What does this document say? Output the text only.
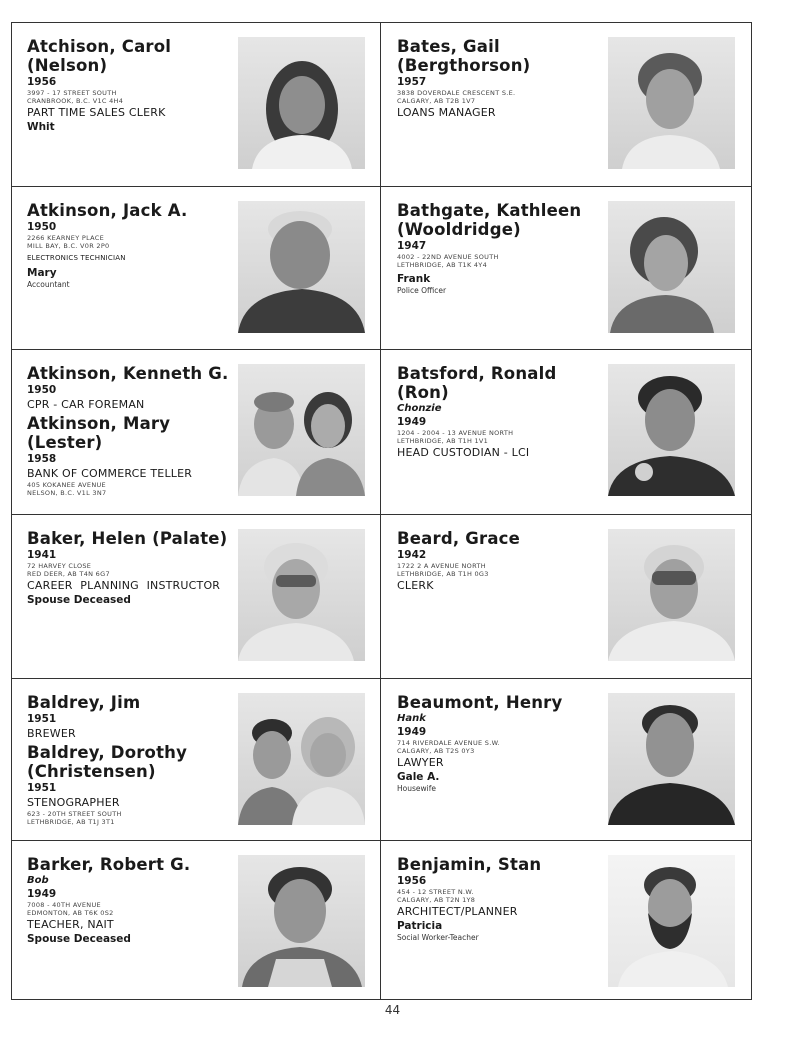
Atchison, Carol
(Nelson)
1956
3997 - 17 STREET SOUTH
CRANBROOK, B.C. V1C 4H4
PART TIME SALES CLERK
Whit
Bates, Gail
(Bergthorson)
1957
3838 DOVERDALE CRESCENT S.E.
CALGARY, AB T2B 1V7
LOANS MANAGER
Atkinson, Jack A.
1950
2266 KEARNEY PLACE
MILL BAY, B.C. V0R 2P0
ELECTRONICS TECHNICIAN
Mary
Accountant
Bathgate, Kathleen
(Wooldridge)
1947
4002 - 22ND AVENUE SOUTH
LETHBRIDGE, AB T1K 4Y4
Frank
Police Officer
Atkinson, Kenneth G.
1950
CPR - CAR FOREMAN
Atkinson, Mary (Lester)
1958
BANK OF COMMERCE TELLER
405 KOKANEE AVENUE
NELSON, B.C. V1L 3N7
Batsford, Ronald (Ron)
Chonzie
1949
1204 - 2004 - 13 AVENUE NORTH
LETHBRIDGE, AB T1H 1V1
HEAD CUSTODIAN - LCI
Baker, Helen (Palate)
1941
72 HARVEY CLOSE
RED DEER, AB T4N 6G7
CAREER PLANNING INSTRUCTOR
Spouse Deceased
Beard, Grace
1942
1722 2 A AVENUE NORTH
LETHBRIDGE, AB T1H 0G3
CLERK
Baldrey, Jim
1951
BREWER
Baldrey, Dorothy
(Christensen)
1951
STENOGRAPHER
623 - 20TH STREET SOUTH
LETHBRIDGE, AB T1J 3T1
Beaumont, Henry
Hank
1949
714 RIVERDALE AVENUE S.W.
CALGARY, AB T2S 0Y3
LAWYER
Gale A.
Housewife
Barker, Robert G.
Bob
1949
7008 - 40TH AVENUE
EDMONTON, AB T6K 0S2
TEACHER, NAIT
Spouse Deceased
Benjamin, Stan
1956
454 - 12 STREET N.W.
CALGARY, AB T2N 1Y8
ARCHITECT/PLANNER
Patricia
Social Worker-Teacher
44
